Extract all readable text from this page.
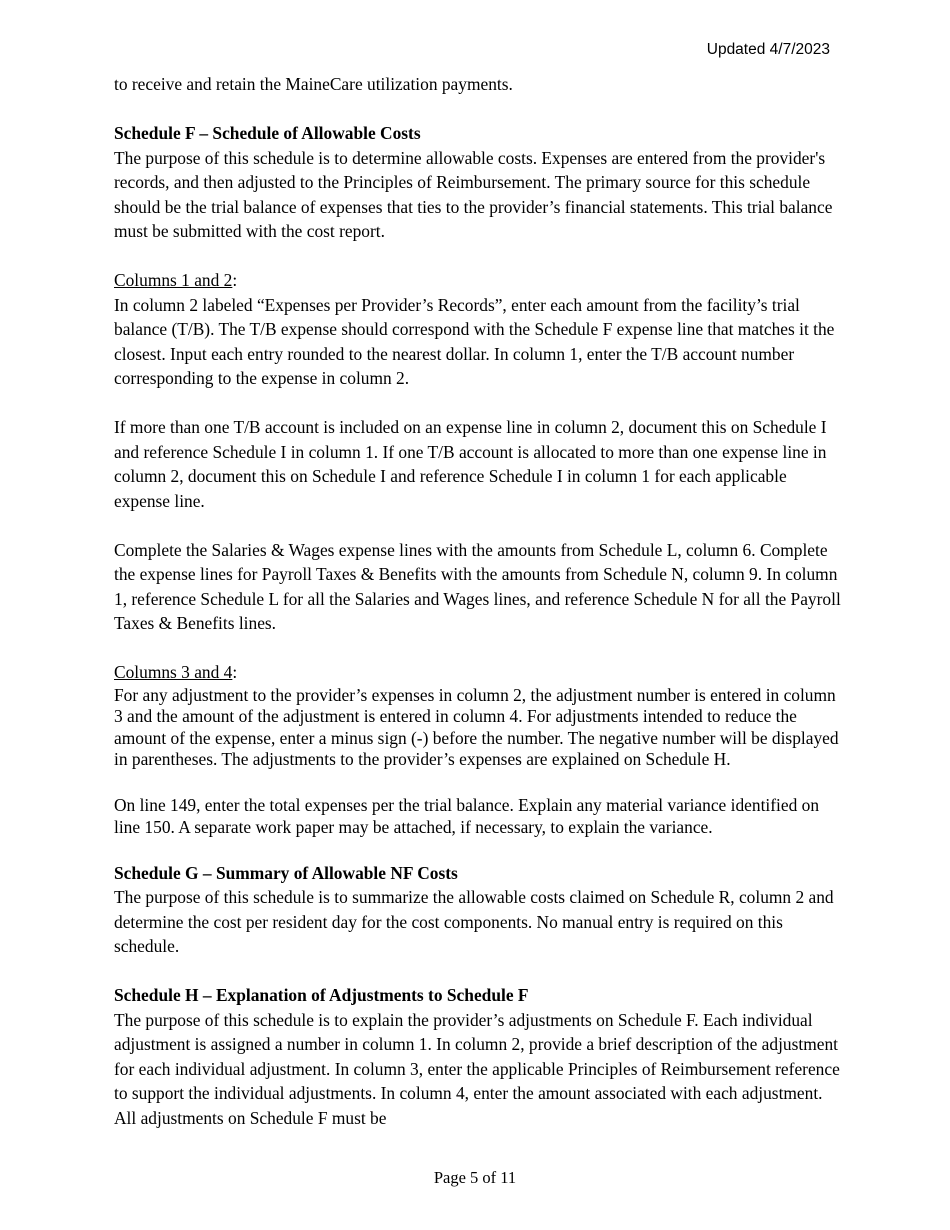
Updated 4/7/2023

to receive and retain the MaineCare utilization payments.

Schedule F – Schedule of Allowable Costs

The purpose of this schedule is to determine allowable costs. Expenses are entered from the provider's records, and then adjusted to the Principles of Reimbursement. The primary source for this schedule should be the trial balance of expenses that ties to the provider’s financial statements. This trial balance must be submitted with the cost report.

Columns 1 and 2:

In column 2 labeled “Expenses per Provider’s Records”, enter each amount from the facility’s trial balance (T/B). The T/B expense should correspond with the Schedule F expense line that matches it the closest. Input each entry rounded to the nearest dollar. In column 1, enter the T/B account number corresponding to the expense in column 2.

If more than one T/B account is included on an expense line in column 2, document this on Schedule I and reference Schedule I in column 1. If one T/B account is allocated to more than one expense line in column 2, document this on Schedule I and reference Schedule I in column 1 for each applicable expense line.

Complete the Salaries & Wages expense lines with the amounts from Schedule L, column 6. Complete the expense lines for Payroll Taxes & Benefits with the amounts from Schedule N, column 9. In column 1, reference Schedule L for all the Salaries and Wages lines, and reference Schedule N for all the Payroll Taxes & Benefits lines.

Columns 3 and 4:

For any adjustment to the provider’s expenses in column 2, the adjustment number is entered in column 3 and the amount of the adjustment is entered in column 4. For adjustments intended to reduce the amount of the expense, enter a minus sign (-) before the number. The negative number will be displayed in parentheses. The adjustments to the provider’s expenses are explained on Schedule H.

On line 149, enter the total expenses per the trial balance. Explain any material variance identified on line 150. A separate work paper may be attached, if necessary, to explain the variance.

Schedule G – Summary of Allowable NF Costs

The purpose of this schedule is to summarize the allowable costs claimed on Schedule R, column 2 and determine the cost per resident day for the cost components. No manual entry is required on this schedule.

Schedule H – Explanation of Adjustments to Schedule F

The purpose of this schedule is to explain the provider’s adjustments on Schedule F. Each individual adjustment is assigned a number in column 1. In column 2, provide a brief description of the adjustment for each individual adjustment. In column 3, enter the applicable Principles of Reimbursement reference to support the individual adjustments. In column 4, enter the amount associated with each adjustment. All adjustments on Schedule F must be

Page 5 of 11
